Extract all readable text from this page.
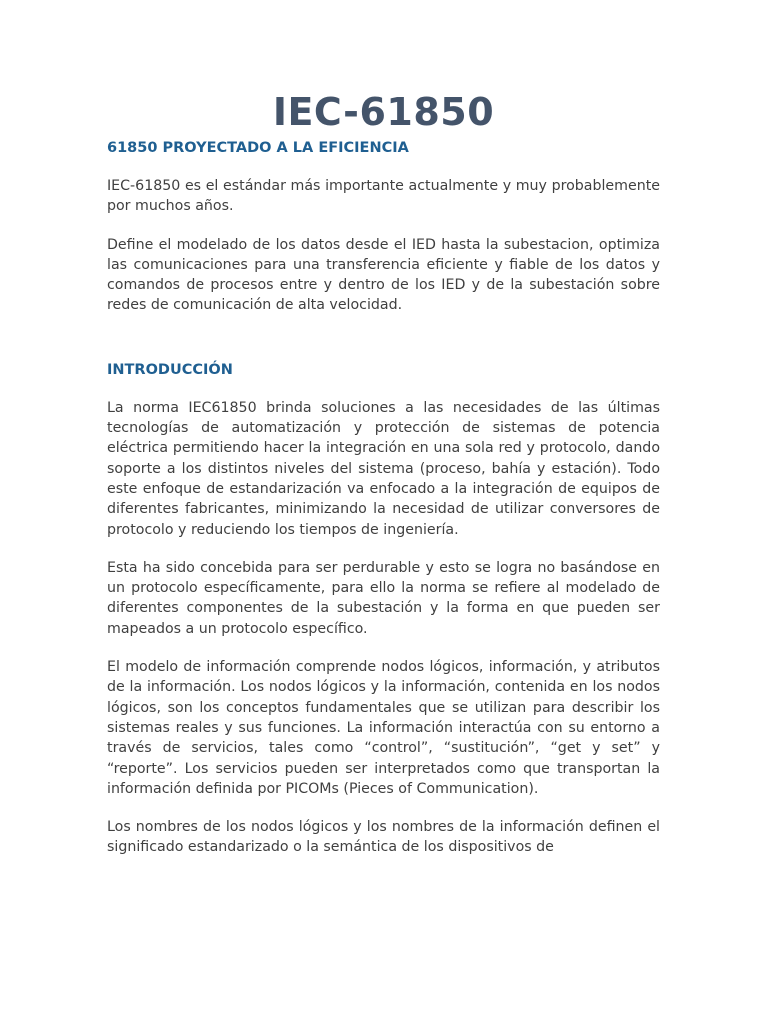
IEC-61850
61850 PROYECTADO A LA EFICIENCIA

IEC-61850 es el estándar más importante actualmente y muy probablemente por muchos años.

Define el modelado de los datos desde el IED hasta la subestacion, optimiza las comunicaciones para una transferencia eficiente y fiable de los datos y comandos de procesos entre y dentro de los IED y de la subestación sobre redes de comunicación de alta velocidad.

INTRODUCCIÓN

La norma IEC61850 brinda soluciones a las necesidades de las últimas tecnologías de automatización y protección de sistemas de potencia eléctrica permitiendo hacer la integración en una sola red y protocolo, dando soporte a los distintos niveles del sistema (proceso, bahía y estación). Todo este enfoque de estandarización va enfocado a la integración de equipos de diferentes fabricantes, minimizando la necesidad de utilizar conversores de protocolo y reduciendo los tiempos de ingeniería.

Esta ha sido concebida para ser perdurable y esto se logra no basándose en un protocolo específicamente, para ello la norma se refiere al modelado de diferentes componentes de la subestación y la forma en que pueden ser mapeados a un protocolo específico.

El modelo de información comprende nodos lógicos, información, y atributos de la información. Los nodos lógicos y la información, contenida en los nodos lógicos, son los conceptos fundamentales que se utilizan para describir los sistemas reales y sus funciones. La información interactúa con su entorno a través de servicios, tales como “control”, “sustitución”, “get y set” y “reporte”. Los servicios pueden ser interpretados como que transportan la información definida por PICOMs (Pieces of Communication).

Los nombres de los nodos lógicos y los nombres de la información definen el significado estandarizado o la semántica de los dispositivos de
